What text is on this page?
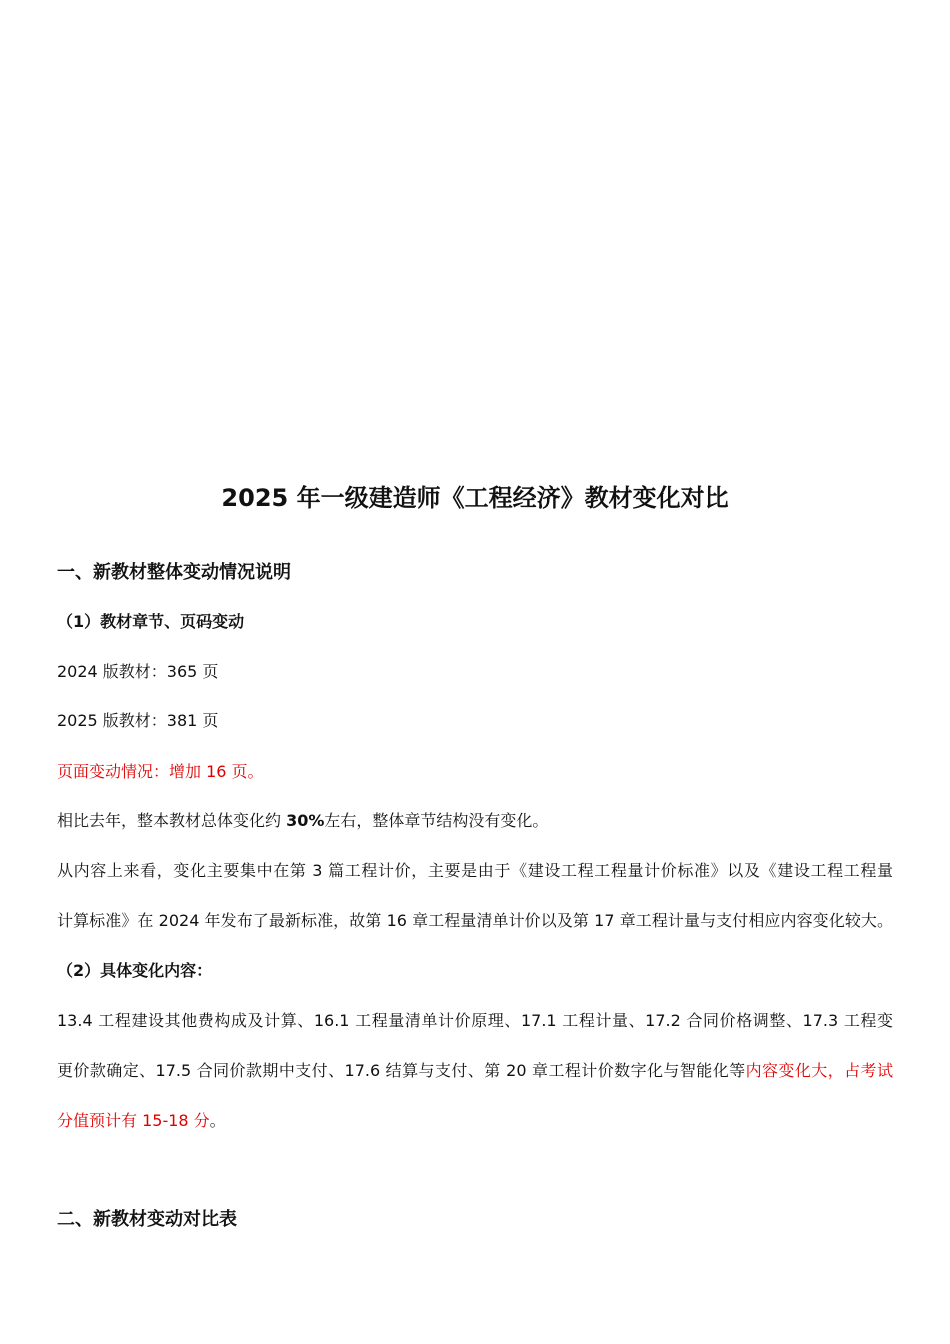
2025 年一级建造师《工程经济》教材变化对比
一、新教材整体变动情况说明
（1）教材章节、页码变动
2024 版教材：365 页
2025 版教材：381 页
页面变动情况：增加 16 页。
相比去年，整本教材总体变化约 30%左右，整体章节结构没有变化。
从内容上来看，变化主要集中在第 3 篇工程计价，主要是由于《建设工程工程量计价标准》以及《建设工程工程量
计算标准》在 2024 年发布了最新标准，故第 16 章工程量清单计价以及第 17 章工程计量与支付相应内容变化较大。
（2）具体变化内容：
13.4 工程建设其他费构成及计算、16.1 工程量清单计价原理、17.1 工程计量、17.2 合同价格调整、17.3 工程变
更价款确定、17.5 合同价款期中支付、17.6 结算与支付、第 20 章工程计价数字化与智能化等内容变化大，占考试
分值预计有 15-18 分。
二、新教材变动对比表
